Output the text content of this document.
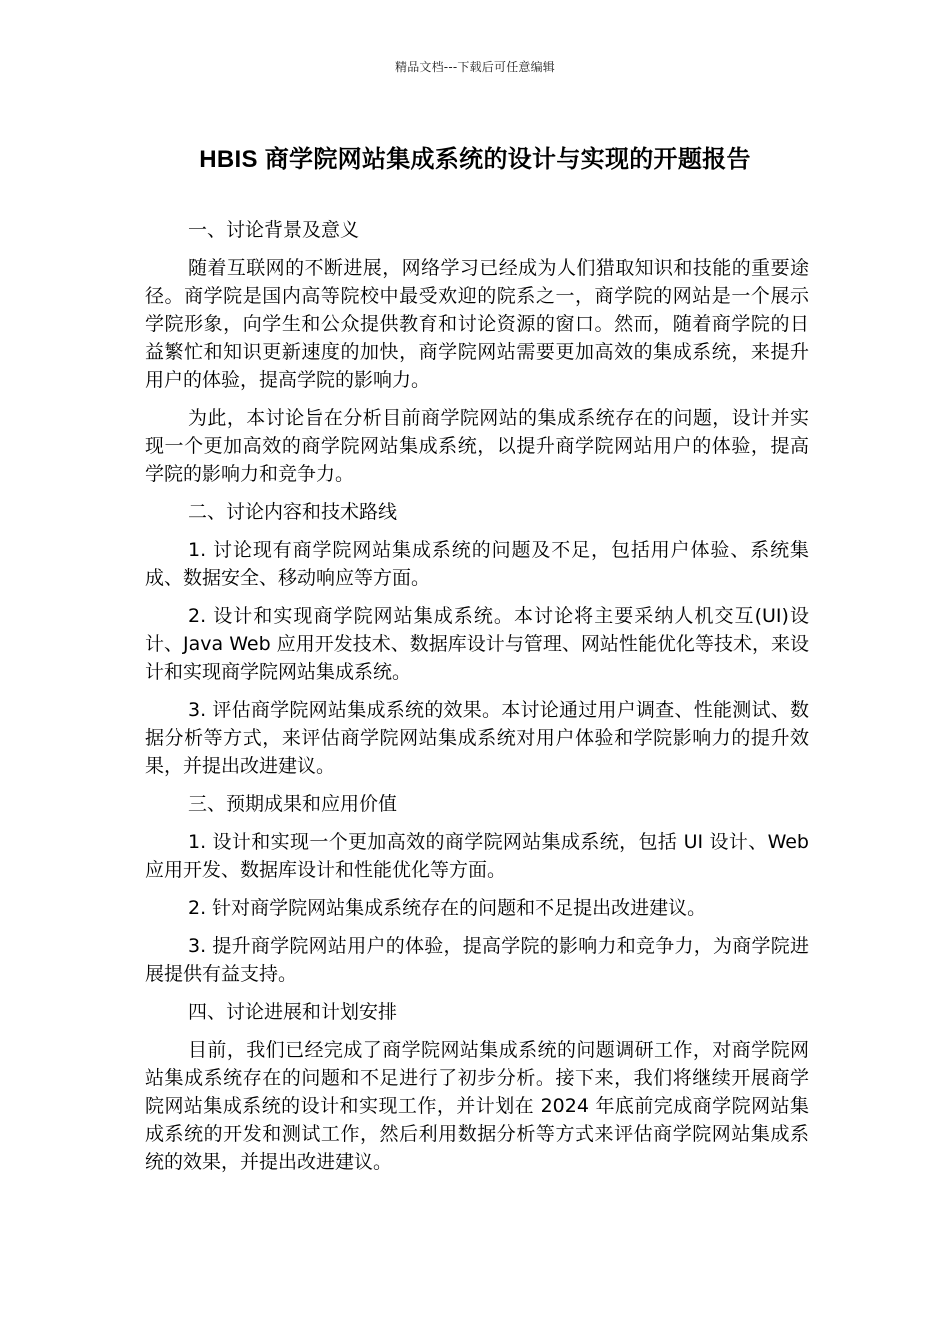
精品文档---下载后可任意编辑
HBIS 商学院网站集成系统的设计与实现的开题报告

一、讨论背景及意义

随着互联网的不断进展，网络学习已经成为人们猎取知识和技能的重要途径。商学院是国内高等院校中最受欢迎的院系之一，商学院的网站是一个展示学院形象，向学生和公众提供教育和讨论资源的窗口。然而，随着商学院的日益繁忙和知识更新速度的加快，商学院网站需要更加高效的集成系统，来提升用户的体验，提高学院的影响力。

为此，本讨论旨在分析目前商学院网站的集成系统存在的问题，设计并实现一个更加高效的商学院网站集成系统，以提升商学院网站用户的体验，提高学院的影响力和竞争力。

二、讨论内容和技术路线

1. 讨论现有商学院网站集成系统的问题及不足，包括用户体验、系统集成、数据安全、移动响应等方面。

2. 设计和实现商学院网站集成系统。本讨论将主要采纳人机交互(UI)设计、Java Web 应用开发技术、数据库设计与管理、网站性能优化等技术，来设计和实现商学院网站集成系统。

3. 评估商学院网站集成系统的效果。本讨论通过用户调查、性能测试、数据分析等方式，来评估商学院网站集成系统对用户体验和学院影响力的提升效果，并提出改进建议。

三、预期成果和应用价值

1. 设计和实现一个更加高效的商学院网站集成系统，包括 UI 设计、Web 应用开发、数据库设计和性能优化等方面。

2. 针对商学院网站集成系统存在的问题和不足提出改进建议。

3. 提升商学院网站用户的体验，提高学院的影响力和竞争力，为商学院进展提供有益支持。

四、讨论进展和计划安排

目前，我们已经完成了商学院网站集成系统的问题调研工作，对商学院网站集成系统存在的问题和不足进行了初步分析。接下来，我们将继续开展商学院网站集成系统的设计和实现工作，并计划在 2024 年底前完成商学院网站集成系统的开发和测试工作，然后利用数据分析等方式来评估商学院网站集成系统的效果，并提出改进建议。
